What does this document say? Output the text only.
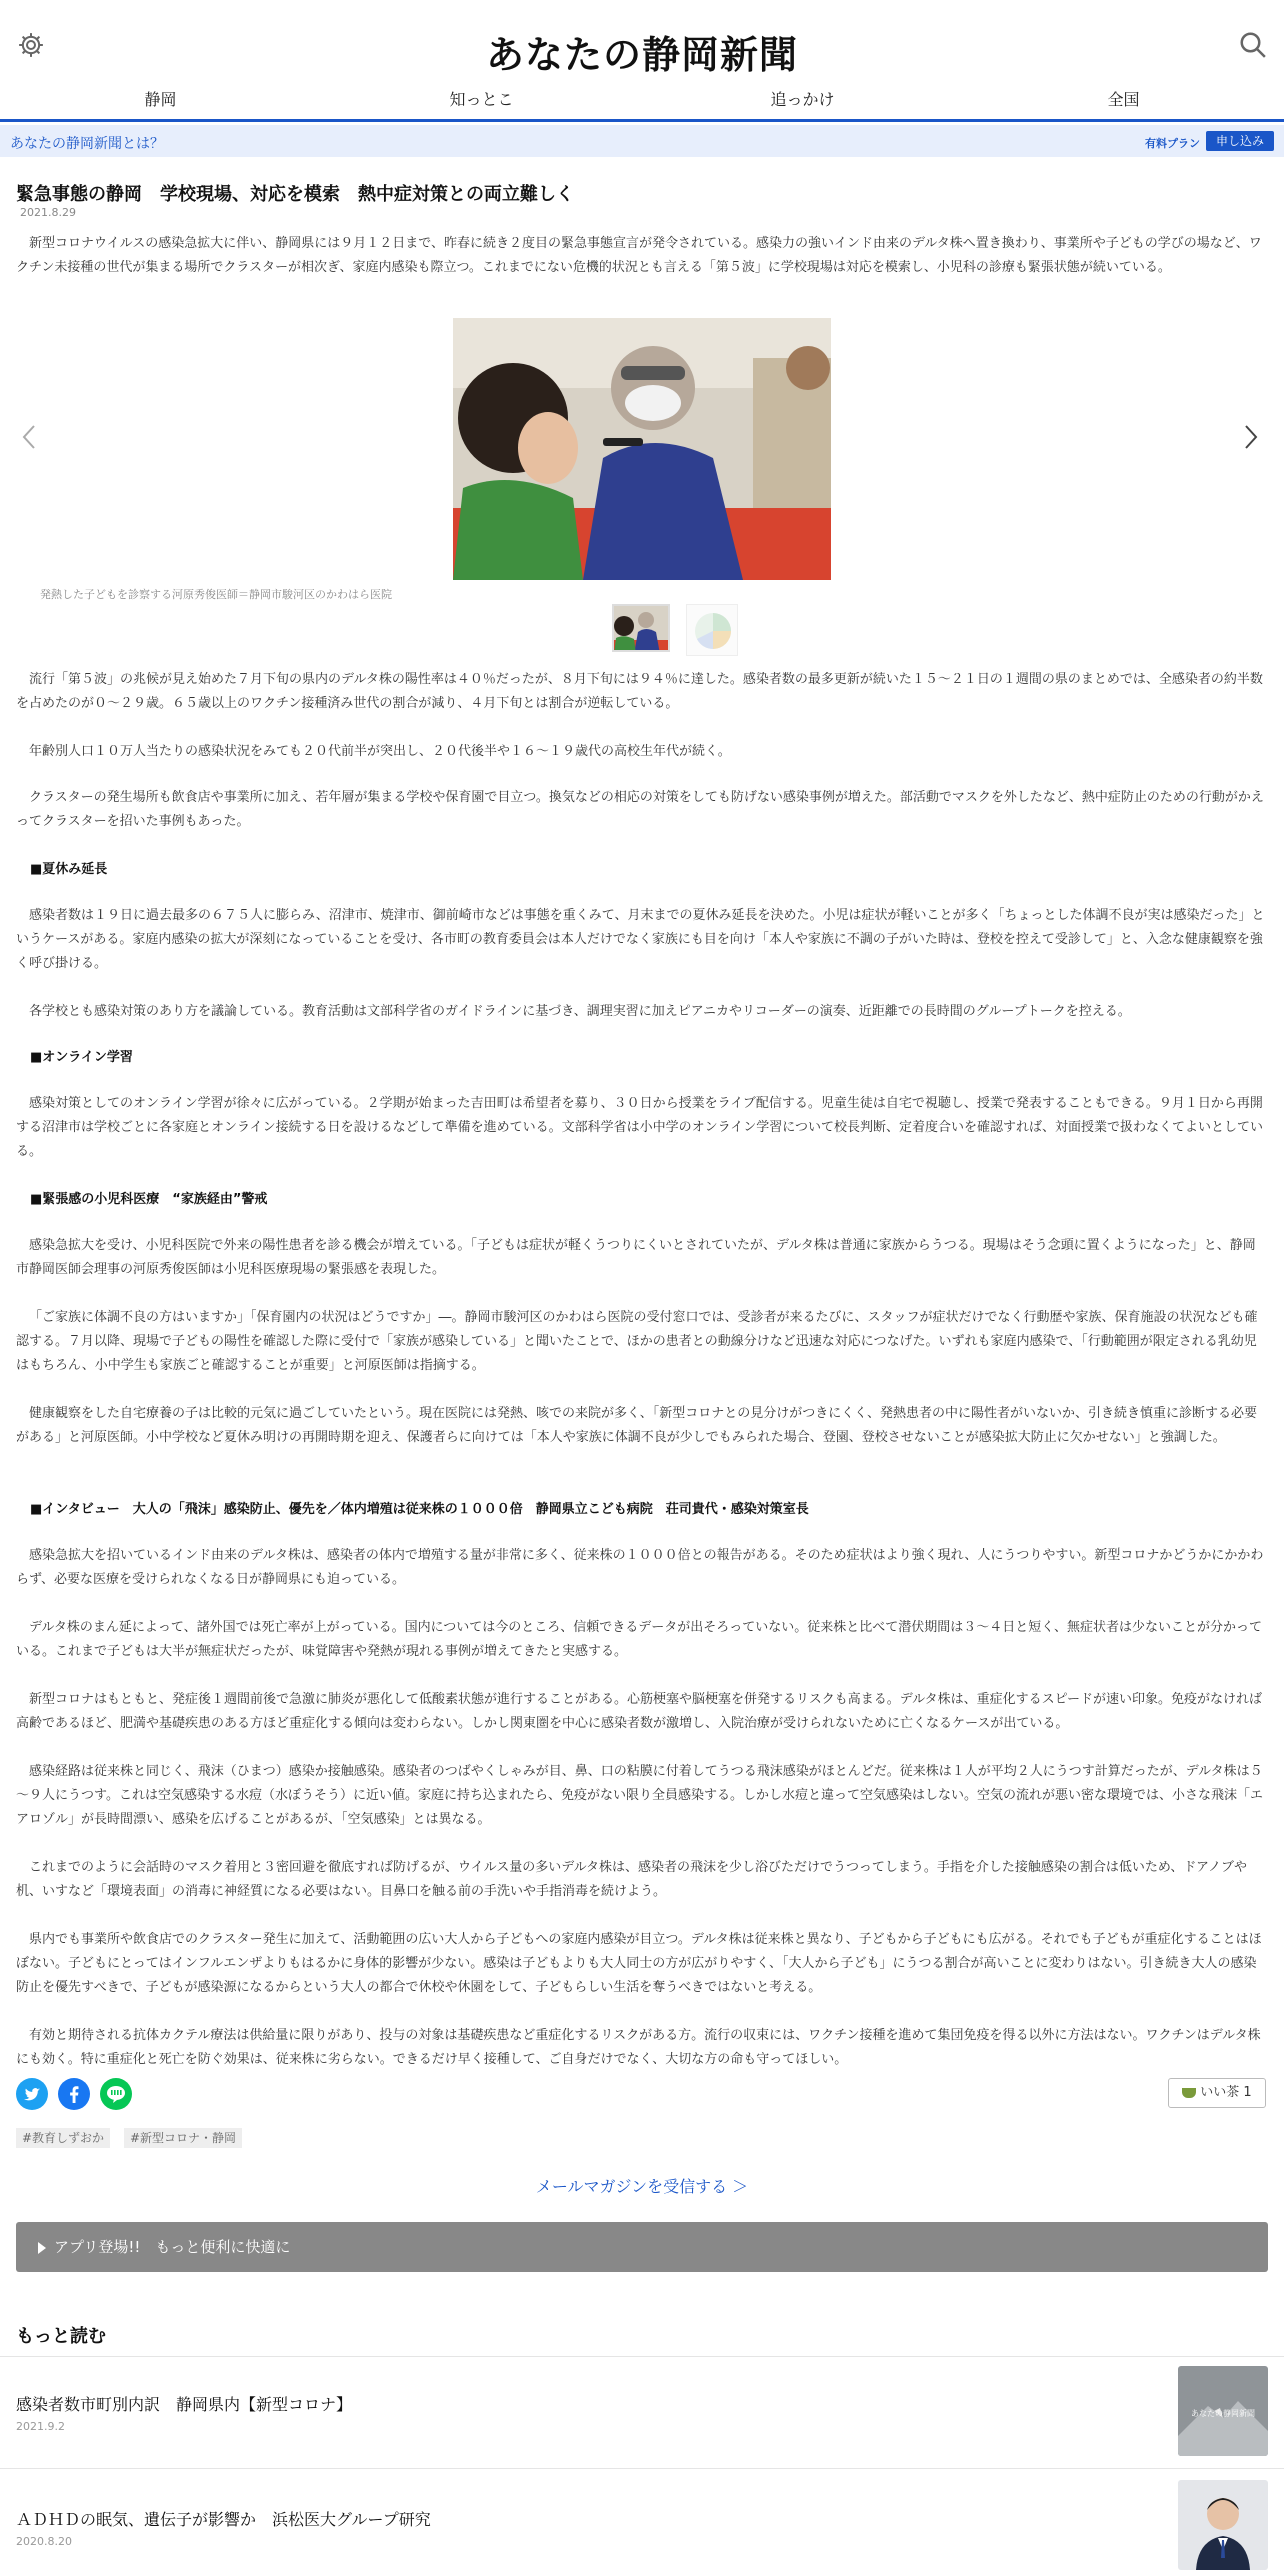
あなたの静岡新聞
静岡	知っとこ	追っかけ	全国
あなたの静岡新聞とは？	有料プラン	申し込み
緊急事態の静岡　学校現場、対応を模索　熱中症対策との両立難しく
2021.8.29

新型コロナウイルスの感染急拡大に伴い、静岡県には９月１２日まで、昨春に続き２度目の緊急事態宣言が発令されている。感染力の強いインド由来のデルタ株へ置き換わり、事業所や子どもの学びの場など、ワクチン未接種の世代が集まる場所でクラスターが相次ぎ、家庭内感染も際立つ。これまでにない危機的状況とも言える「第５波」に学校現場は対応を模索し、小児科の診療も緊張状態が続いている。

発熱した子どもを診察する河原秀俊医師＝静岡市駿河区のかわはら医院

流行「第５波」の兆候が見え始めた７月下旬の県内のデルタ株の陽性率は４０％だったが、８月下旬には９４％に達した。感染者数の最多更新が続いた１５～２１日の１週間の県のまとめでは、全感染者の約半数を占めたのが０～２９歳。６５歳以上のワクチン接種済み世代の割合が減り、４月下旬とは割合が逆転している。

年齢別人口１０万人当たりの感染状況をみても２０代前半が突出し、２０代後半や１６～１９歳代の高校生年代が続く。

クラスターの発生場所も飲食店や事業所に加え、若年層が集まる学校や保育園で目立つ。換気などの相応の対策をしても防げない感染事例が増えた。部活動でマスクを外したなど、熱中症防止のための行動がかえってクラスターを招いた事例もあった。

■夏休み延長

感染者数は１９日に過去最多の６７５人に膨らみ、沼津市、焼津市、御前崎市などは事態を重くみて、月末までの夏休み延長を決めた。小児は症状が軽いことが多く「ちょっとした体調不良が実は感染だった」というケースがある。家庭内感染の拡大が深刻になっていることを受け、各市町の教育委員会は本人だけでなく家族にも目を向け「本人や家族に不調の子がいた時は、登校を控えて受診して」と、入念な健康観察を強く呼び掛ける。

各学校とも感染対策のあり方を議論している。教育活動は文部科学省のガイドラインに基づき、調理実習に加えピアニカやリコーダーの演奏、近距離での長時間のグループトークを控える。

■オンライン学習

感染対策としてのオンライン学習が徐々に広がっている。２学期が始まった吉田町は希望者を募り、３０日から授業をライブ配信する。児童生徒は自宅で視聴し、授業で発表することもできる。９月１日から再開する沼津市は学校ごとに各家庭とオンライン接続する日を設けるなどして準備を進めている。文部科学省は小中学のオンライン学習について校長判断、定着度合いを確認すれば、対面授業で扱わなくてよいとしている。

■緊張感の小児科医療　“家族経由”警戒

感染急拡大を受け、小児科医院で外来の陽性患者を診る機会が増えている。「子どもは症状が軽くうつりにくいとされていたが、デルタ株は普通に家族からうつる。現場はそう念頭に置くようになった」と、静岡市静岡医師会理事の河原秀俊医師は小児科医療現場の緊張感を表現した。

「ご家族に体調不良の方はいますか」「保育園内の状況はどうですか」―。静岡市駿河区のかわはら医院の受付窓口では、受診者が来るたびに、スタッフが症状だけでなく行動歴や家族、保育施設の状況なども確認する。７月以降、現場で子どもの陽性を確認した際に受付で「家族が感染している」と聞いたことで、ほかの患者との動線分けなど迅速な対応につなげた。いずれも家庭内感染で、「行動範囲が限定される乳幼児はもちろん、小中学生も家族ごと確認することが重要」と河原医師は指摘する。

健康観察をした自宅療養の子は比較的元気に過ごしていたという。現在医院には発熱、咳での来院が多く、「新型コロナとの見分けがつきにくく、発熱患者の中に陽性者がいないか、引き続き慎重に診断する必要がある」と河原医師。小中学校など夏休み明けの再開時期を迎え、保護者らに向けては「本人や家族に体調不良が少しでもみられた場合、登園、登校させないことが感染拡大防止に欠かせない」と強調した。

■インタビュー　大人の「飛沫」感染防止、優先を／体内増殖は従来株の１０００倍　静岡県立こども病院　荘司貴代・感染対策室長

感染急拡大を招いているインド由来のデルタ株は、感染者の体内で増殖する量が非常に多く、従来株の１０００倍との報告がある。そのため症状はより強く現れ、人にうつりやすい。新型コロナかどうかにかかわらず、必要な医療を受けられなくなる日が静岡県にも迫っている。

デルタ株のまん延によって、諸外国では死亡率が上がっている。国内については今のところ、信頼できるデータが出そろっていない。従来株と比べて潜伏期間は３～４日と短く、無症状者は少ないことが分かっている。これまで子どもは大半が無症状だったが、味覚障害や発熱が現れる事例が増えてきたと実感する。

新型コロナはもともと、発症後１週間前後で急激に肺炎が悪化して低酸素状態が進行することがある。心筋梗塞や脳梗塞を併発するリスクも高まる。デルタ株は、重症化するスピードが速い印象。免疫がなければ高齢であるほど、肥満や基礎疾患のある方ほど重症化する傾向は変わらない。しかし関東圏を中心に感染者数が激増し、入院治療が受けられないために亡くなるケースが出ている。

感染経路は従来株と同じく、飛沫（ひまつ）感染か接触感染。感染者のつばやくしゃみが目、鼻、口の粘膜に付着してうつる飛沫感染がほとんどだ。従来株は１人が平均２人にうつす計算だったが、デルタ株は５～９人にうつす。これは空気感染する水痘（水ぼうそう）に近い値。家庭に持ち込まれたら、免疫がない限り全員感染する。しかし水痘と違って空気感染はしない。空気の流れが悪い密な環境では、小さな飛沫「エアロゾル」が長時間漂い、感染を広げることがあるが、「空気感染」とは異なる。

これまでのように会話時のマスク着用と３密回避を徹底すれば防げるが、ウイルス量の多いデルタ株は、感染者の飛沫を少し浴びただけでうつってしまう。手指を介した接触感染の割合は低いため、ドアノブや机、いすなど「環境表面」の消毒に神経質になる必要はない。目鼻口を触る前の手洗いや手指消毒を続けよう。

県内でも事業所や飲食店でのクラスター発生に加えて、活動範囲の広い大人から子どもへの家庭内感染が目立つ。デルタ株は従来株と異なり、子どもから子どもにも広がる。それでも子どもが重症化することはほぼない。子どもにとってはインフルエンザよりもはるかに身体的影響が少ない。感染は子どもよりも大人同士の方が広がりやすく、「大人から子ども」にうつる割合が高いことに変わりはない。引き続き大人の感染防止を優先すべきで、子どもが感染源になるからという大人の都合で休校や休園をして、子どもらしい生活を奪うべきではないと考える。

有効と期待される抗体カクテル療法は供給量に限りがあり、投与の対象は基礎疾患など重症化するリスクがある方。流行の収束には、ワクチン接種を進めて集団免疫を得る以外に方法はない。ワクチンはデルタ株にも効く。特に重症化と死亡を防ぐ効果は、従来株に劣らない。できるだけ早く接種して、ご自身だけでなく、大切な方の命も守ってほしい。

いい茶 1
#教育しずおか	#新型コロナ・静岡
メールマガジンを受信する ＞
アプリ登場!!　もっと便利に快適に
もっと読む
感染者数市町別内訳　静岡県内【新型コロナ】
2021.9.2
あなたの静岡新聞
ＡＤＨＤの眠気、遺伝子が影響か　浜松医大グループ研究
2020.8.20
